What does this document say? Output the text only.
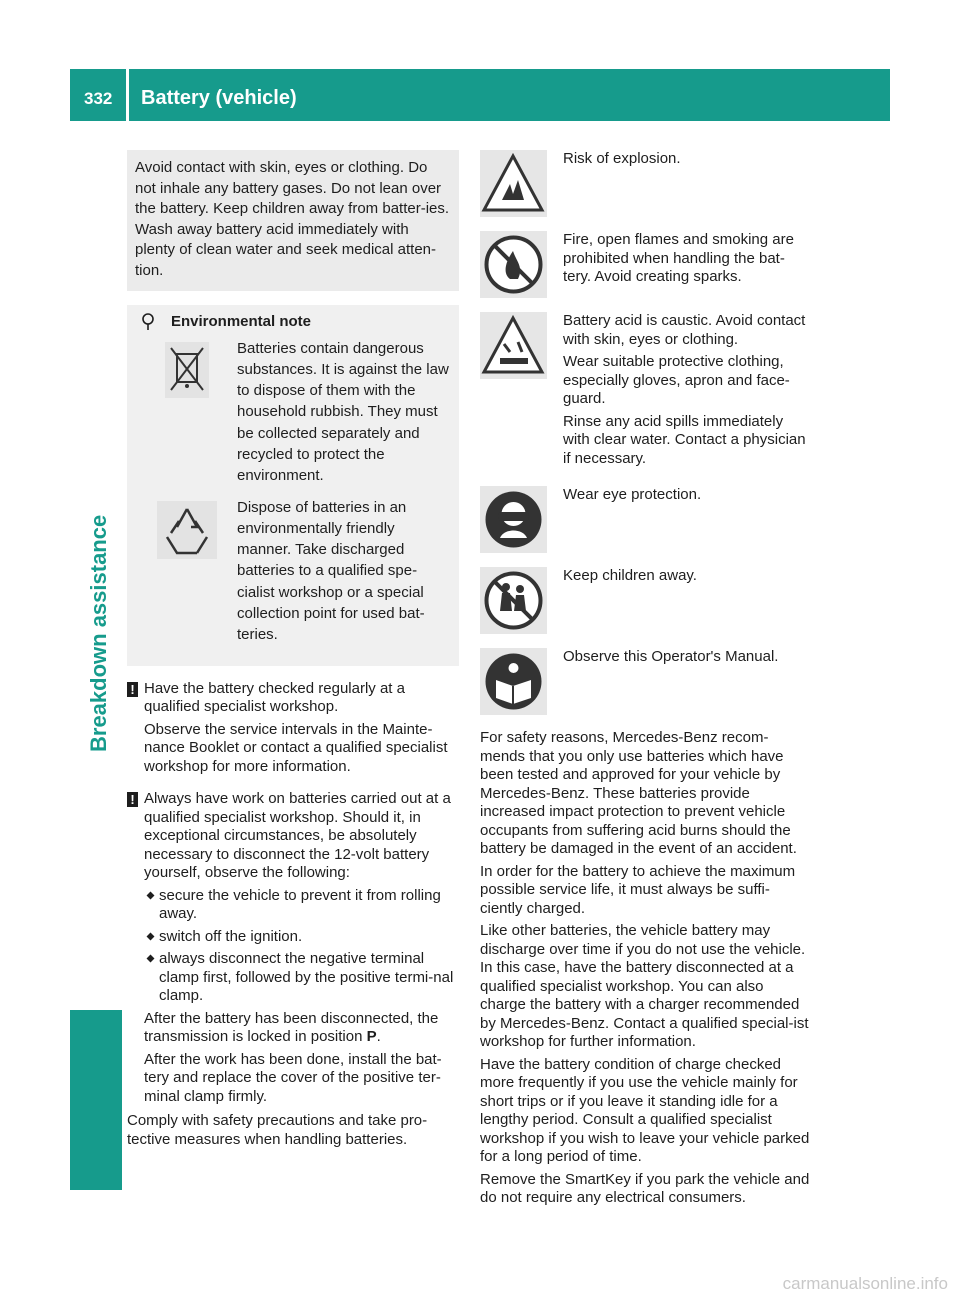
332 Battery (vehicle)
Breakdown assistance
Avoid contact with skin, eyes or clothing. Do not inhale any battery gases. Do not lean over the battery. Keep children away from batter-ies. Wash away battery acid immediately with plenty of clean water and seek medical atten-tion.
Environmental note
Batteries contain dangerous substances. It is against the law to dispose of them with the household rubbish. They must be collected separately and recycled to protect the environment.
Dispose of batteries in an environmentally friendly manner. Take discharged batteries to a qualified spe-cialist workshop or a special collection point for used bat-teries.
! Have the battery checked regularly at a qualified specialist workshop.
Observe the service intervals in the Mainte-nance Booklet or contact a qualified specialist workshop for more information.
! Always have work on batteries carried out at a qualified specialist workshop. Should it, in exceptional circumstances, be absolutely necessary to disconnect the 12-volt battery yourself, observe the following:
secure the vehicle to prevent it from rolling away.
switch off the ignition.
always disconnect the negative terminal clamp first, followed by the positive termi-nal clamp.
After the battery has been disconnected, the transmission is locked in position P.
After the work has been done, install the bat-tery and replace the cover of the positive ter-minal clamp firmly.
Comply with safety precautions and take pro-tective measures when handling batteries.

Risk of explosion.

Fire, open flames and smoking are prohibited when handling the bat-tery. Avoid creating sparks.

Battery acid is caustic. Avoid contact with skin, eyes or clothing.

Wear suitable protective clothing, especially gloves, apron and face-guard.

Rinse any acid spills immediately with clear water. Contact a physician if necessary.

Wear eye protection.

Keep children away.

Observe this Operator's Manual.

For safety reasons, Mercedes-Benz recom-mends that you only use batteries which have been tested and approved for your vehicle by Mercedes-Benz. These batteries provide increased impact protection to prevent vehicle occupants from suffering acid burns should the battery be damaged in the event of an accident.

In order for the battery to achieve the maximum possible service life, it must always be suffi-ciently charged.

Like other batteries, the vehicle battery may discharge over time if you do not use the vehicle. In this case, have the battery disconnected at a qualified specialist workshop. You can also charge the battery with a charger recommended by Mercedes-Benz. Contact a qualified special-ist workshop for further information.

Have the battery condition of charge checked more frequently if you use the vehicle mainly for short trips or if you leave it standing idle for a lengthy period. Consult a qualified specialist workshop if you wish to leave your vehicle parked for a long period of time.

Remove the SmartKey if you park the vehicle and do not require any electrical consumers.

carmanualsonline.info
